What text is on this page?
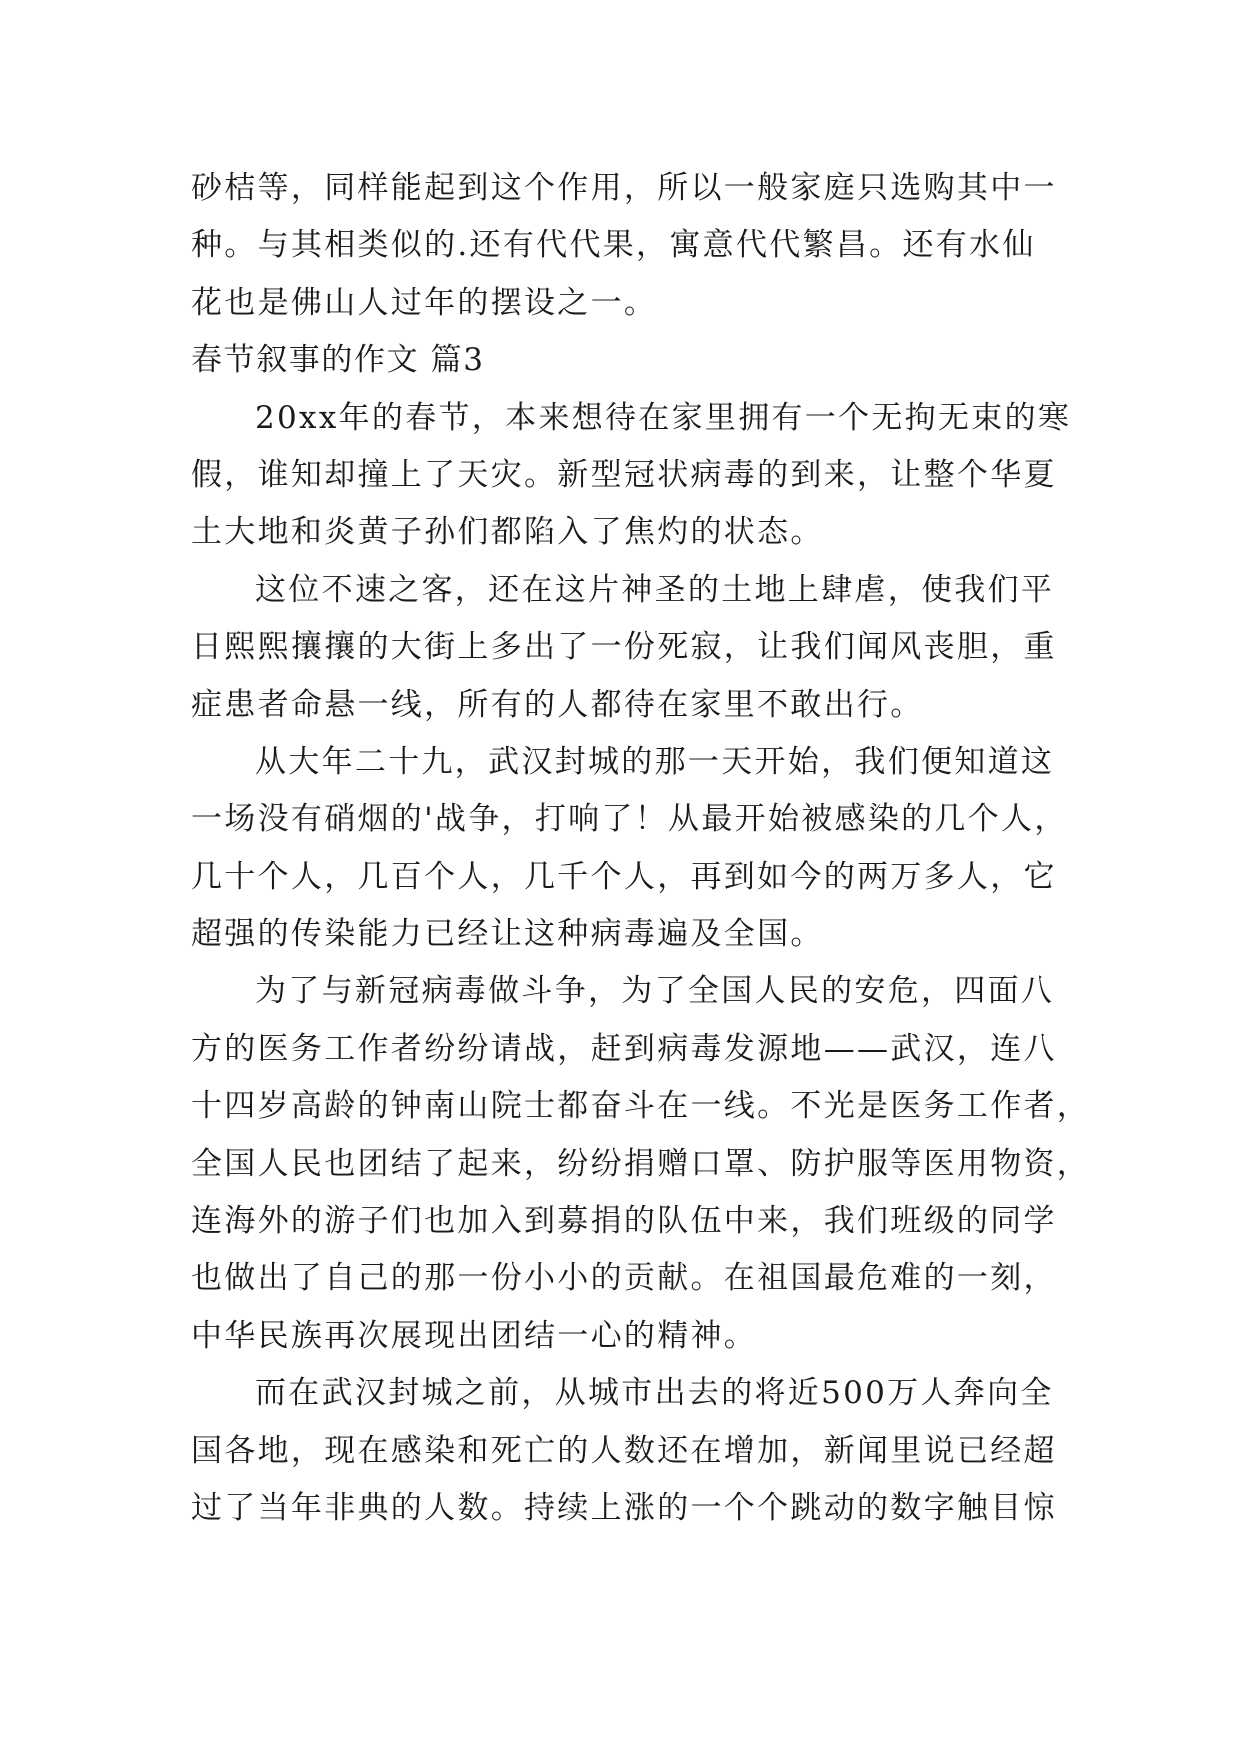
砂桔等，同样能起到这个作用，所以一般家庭只选购其中一
种。与其相类似的.还有代代果，寓意代代繁昌。还有水仙
花也是佛山人过年的摆设之一。
春节叙事的作文 篇3
20xx年的春节，本来想待在家里拥有一个无拘无束的寒
假，谁知却撞上了天灾。新型冠状病毒的到来，让整个华夏
土大地和炎黄子孙们都陷入了焦灼的状态。
这位不速之客，还在这片神圣的土地上肆虐，使我们平
日熙熙攘攘的大街上多出了一份死寂，让我们闻风丧胆，重
症患者命悬一线，所有的人都待在家里不敢出行。
从大年二十九，武汉封城的那一天开始，我们便知道这
一场没有硝烟的'战争，打响了！从最开始被感染的几个人，
几十个人，几百个人，几千个人，再到如今的两万多人，它
超强的传染能力已经让这种病毒遍及全国。
为了与新冠病毒做斗争，为了全国人民的安危，四面八
方的医务工作者纷纷请战，赶到病毒发源地——武汉，连八
十四岁高龄的钟南山院士都奋斗在一线。不光是医务工作者，
全国人民也团结了起来，纷纷捐赠口罩、防护服等医用物资，
连海外的游子们也加入到募捐的队伍中来，我们班级的同学
也做出了自己的那一份小小的贡献。在祖国最危难的一刻，
中华民族再次展现出团结一心的精神。
而在武汉封城之前，从城市出去的将近500万人奔向全
国各地，现在感染和死亡的人数还在增加，新闻里说已经超
过了当年非典的人数。持续上涨的一个个跳动的数字触目惊
